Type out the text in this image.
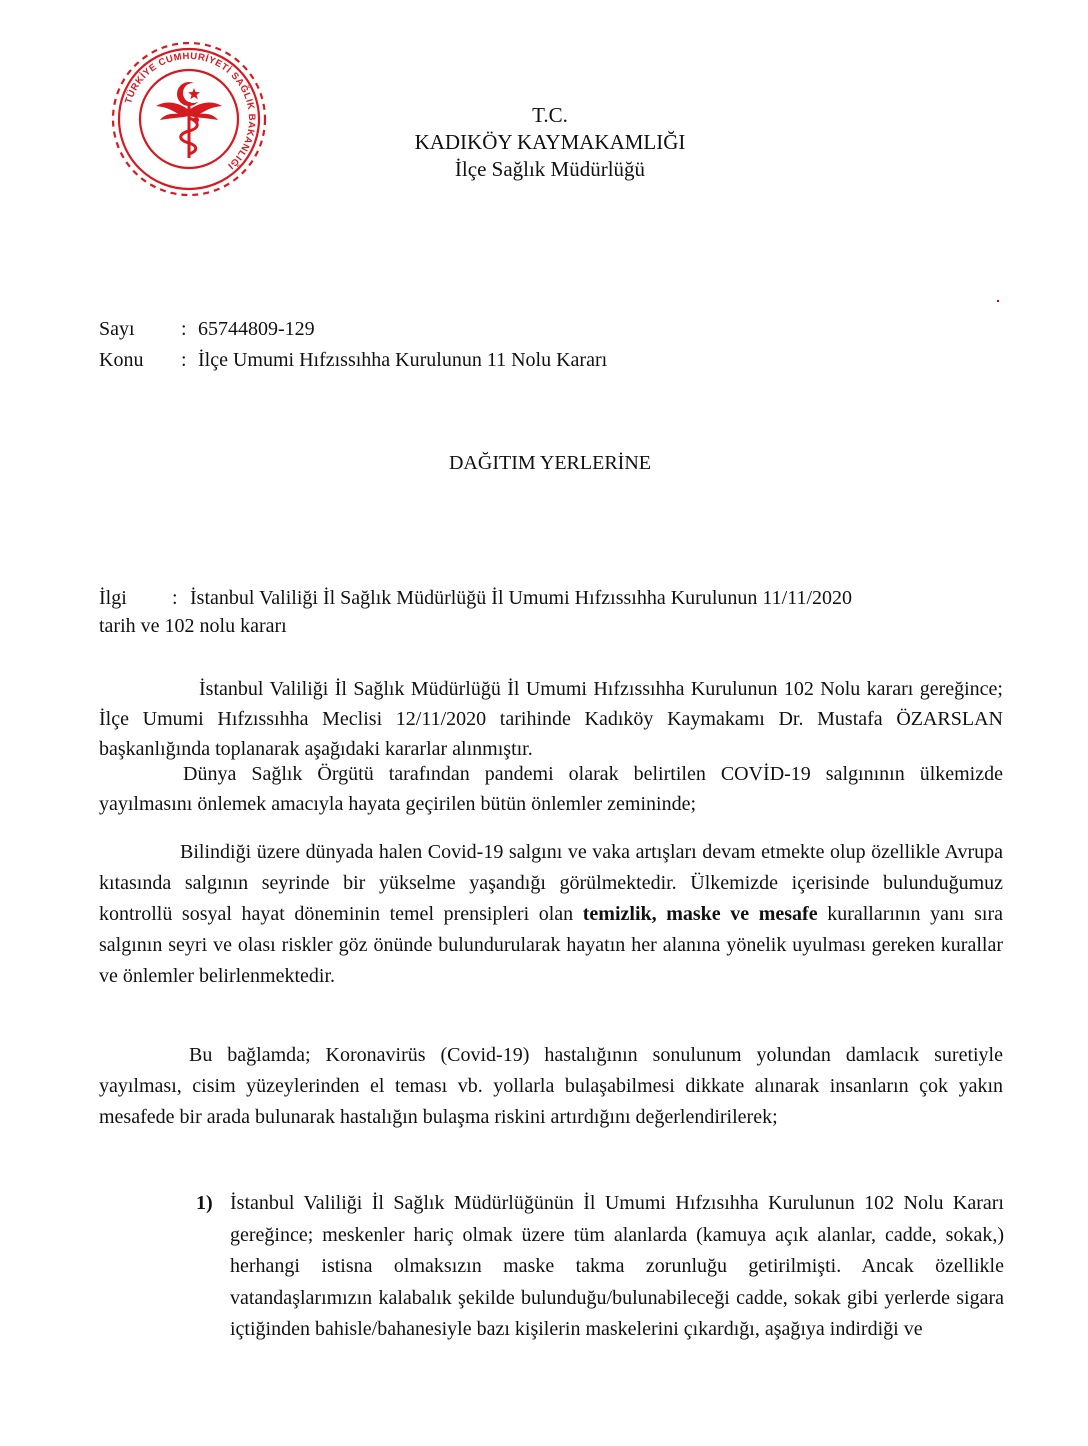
TÜRKİYE CUMHURİYETİ SAĞLIK BAKANLIĞI
T.C.
KADIKÖY KAYMAKAMLIĞI
İlçe Sağlık Müdürlüğü
Sayı : 65744809-129
Konu : İlçe Umumi Hıfzıssıhha Kurulunun 11 Nolu Kararı
DAĞITIM YERLERİNE
İlgi : İstanbul Valiliği İl Sağlık Müdürlüğü İl Umumi Hıfzıssıhha Kurulunun 11/11/2020
tarih ve 102 nolu kararı

İstanbul Valiliği İl Sağlık Müdürlüğü İl Umumi Hıfzıssıhha Kurulunun 102 Nolu kararı gereğince; İlçe Umumi Hıfzıssıhha Meclisi 12/11/2020 tarihinde Kadıköy Kaymakamı Dr. Mustafa ÖZARSLAN başkanlığında toplanarak aşağıdaki kararlar alınmıştır.

Dünya Sağlık Örgütü tarafından pandemi olarak belirtilen COVİD-19 salgınının ülkemizde yayılmasını önlemek amacıyla hayata geçirilen bütün önlemler zemininde;

Bilindiği üzere dünyada halen Covid-19 salgını ve vaka artışları devam etmekte olup özellikle Avrupa kıtasında salgının seyrinde bir yükselme yaşandığı görülmektedir. Ülkemizde içerisinde bulunduğumuz kontrollü sosyal hayat döneminin temel prensipleri olan temizlik, maske ve mesafe kurallarının yanı sıra salgının seyri ve olası riskler göz önünde bulundurularak hayatın her alanına yönelik uyulması gereken kurallar ve önlemler belirlenmektedir.

Bu bağlamda; Koronavirüs (Covid-19) hastalığının sonulunum yolundan damlacık suretiyle yayılması, cisim yüzeylerinden el teması vb. yollarla bulaşabilmesi dikkate alınarak insanların çok yakın mesafede bir arada bulunarak hastalığın bulaşma riskini artırdığını değerlendirilerek;

1) İstanbul Valiliği İl Sağlık Müdürlüğünün İl Umumi Hıfzısıhha Kurulunun 102 Nolu Kararı gereğince; meskenler hariç olmak üzere tüm alanlarda (kamuya açık alanlar, cadde, sokak,) herhangi istisna olmaksızın maske takma zorunluğu getirilmişti. Ancak özellikle vatandaşlarımızın kalabalık şekilde bulunduğu/bulunabileceği cadde, sokak gibi yerlerde sigara içtiğinden bahisle/bahanesiyle bazı kişilerin maskelerini çıkardığı, aşağıya indirdiği ve
